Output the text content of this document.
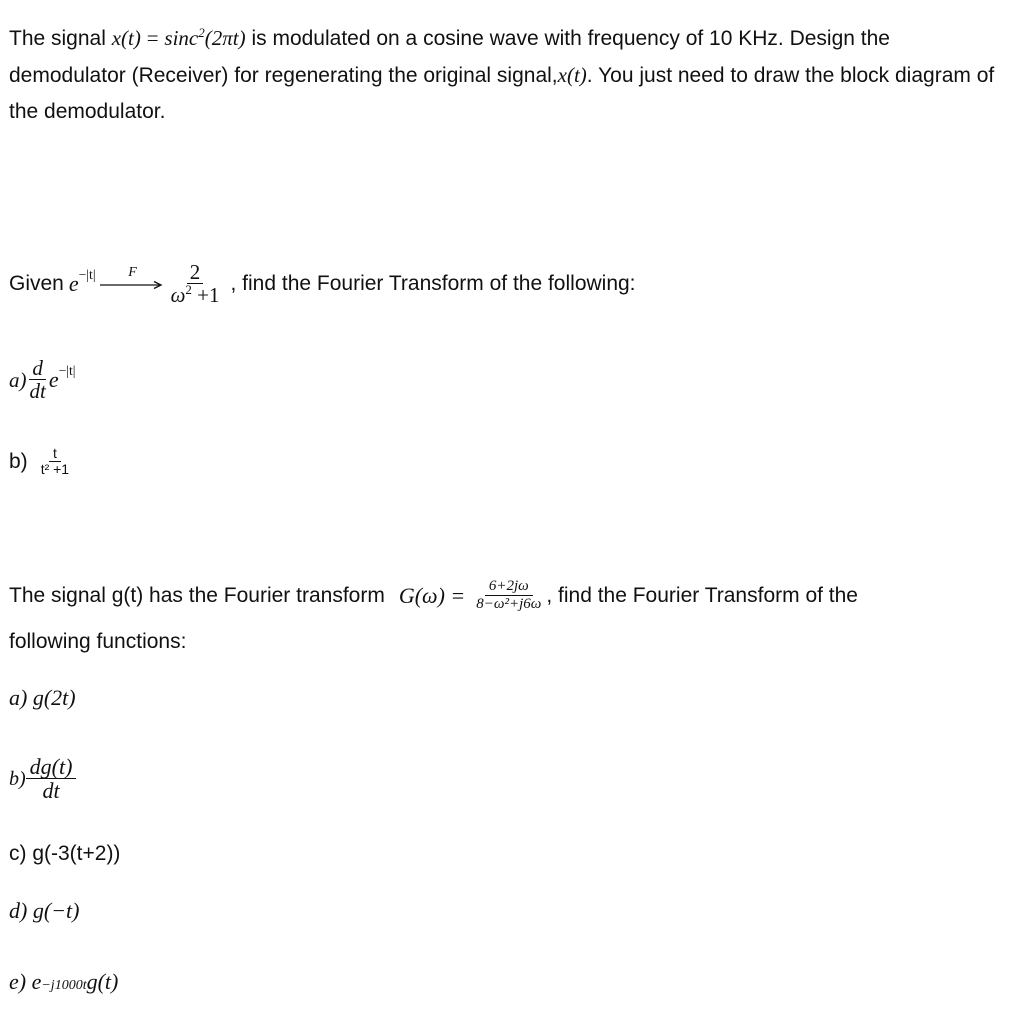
The signal x(t) = sinc$^2$(2πt) is modulated on a cosine wave with frequency of 10 KHz. Design the demodulator (Receiver) for regenerating the original signal,x(t). You just need to draw the block diagram of the demodulator.
Given $e^{-|t|}$ F $\frac{2}{\omega^2 +1}$ , find the Fourier Transform of the following:
$a) \frac{d}{dt} e^{-|t|}$
$b) \frac{t}{\text{t² +1}}$
The signal g(t) has the Fourier transform $G(\omega) = \frac{6+2j\omega}{\text{8−ω²+j6ω}}$ , find the Fourier Transform of the
following functions:
a) g(2t)
$b) \frac{dg(t)}{dt}$
c) g(-3(t+2))
d) g(−t)
e) $e^{-j1000t}$ g(t)
